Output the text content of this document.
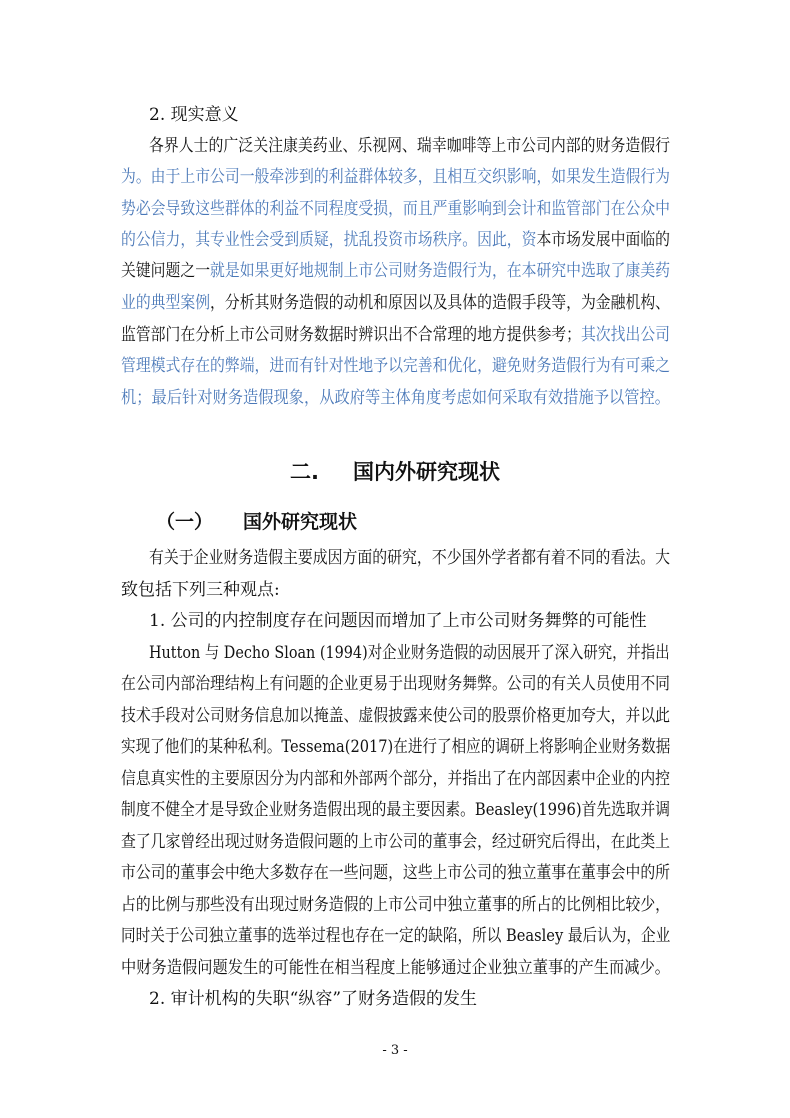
2. 现实意义
各界人士的广泛关注康美药业、乐视网、瑞幸咖啡等上市公司内部的财务造假行
为。由于上市公司一般牵涉到的利益群体较多，且相互交织影响，如果发生造假行为
势必会导致这些群体的利益不同程度受损，而且严重影响到会计和监管部门在公众中
的公信力，其专业性会受到质疑，扰乱投资市场秩序。因此，资本市场发展中面临的
关键问题之一就是如果更好地规制上市公司财务造假行为，在本研究中选取了康美药
业的典型案例，分析其财务造假的动机和原因以及具体的造假手段等，为金融机构、
监管部门在分析上市公司财务数据时辨识出不合常理的地方提供参考；其次找出公司
管理模式存在的弊端，进而有针对性地予以完善和优化，避免财务造假行为有可乘之
机；最后针对财务造假现象，从政府等主体角度考虑如何采取有效措施予以管控。
二. 国内外研究现状
（一） 国外研究现状
有关于企业财务造假主要成因方面的研究，不少国外学者都有着不同的看法。大
致包括下列三种观点:
1. 公司的内控制度存在问题因而增加了上市公司财务舞弊的可能性
Hutton 与 Decho Sloan (1994)对企业财务造假的动因展开了深入研究，并指出
在公司内部治理结构上有问题的企业更易于出现财务舞弊。公司的有关人员使用不同
技术手段对公司财务信息加以掩盖、虚假披露来使公司的股票价格更加夸大，并以此
实现了他们的某种私利。Tessema(2017)在进行了相应的调研上将影响企业财务数据
信息真实性的主要原因分为内部和外部两个部分，并指出了在内部因素中企业的内控
制度不健全才是导致企业财务造假出现的最主要因素。Beasley(1996)首先选取并调
查了几家曾经出现过财务造假问题的上市公司的董事会，经过研究后得出，在此类上
市公司的董事会中绝大多数存在一些问题，这些上市公司的独立董事在董事会中的所
占的比例与那些没有出现过财务造假的上市公司中独立董事的所占的比例相比较少，
同时关于公司独立董事的选举过程也存在一定的缺陷，所以 Beasley 最后认为，企业
中财务造假问题发生的可能性在相当程度上能够通过企业独立董事的产生而减少。
2. 审计机构的失职“纵容”了财务造假的发生
- 3 -
